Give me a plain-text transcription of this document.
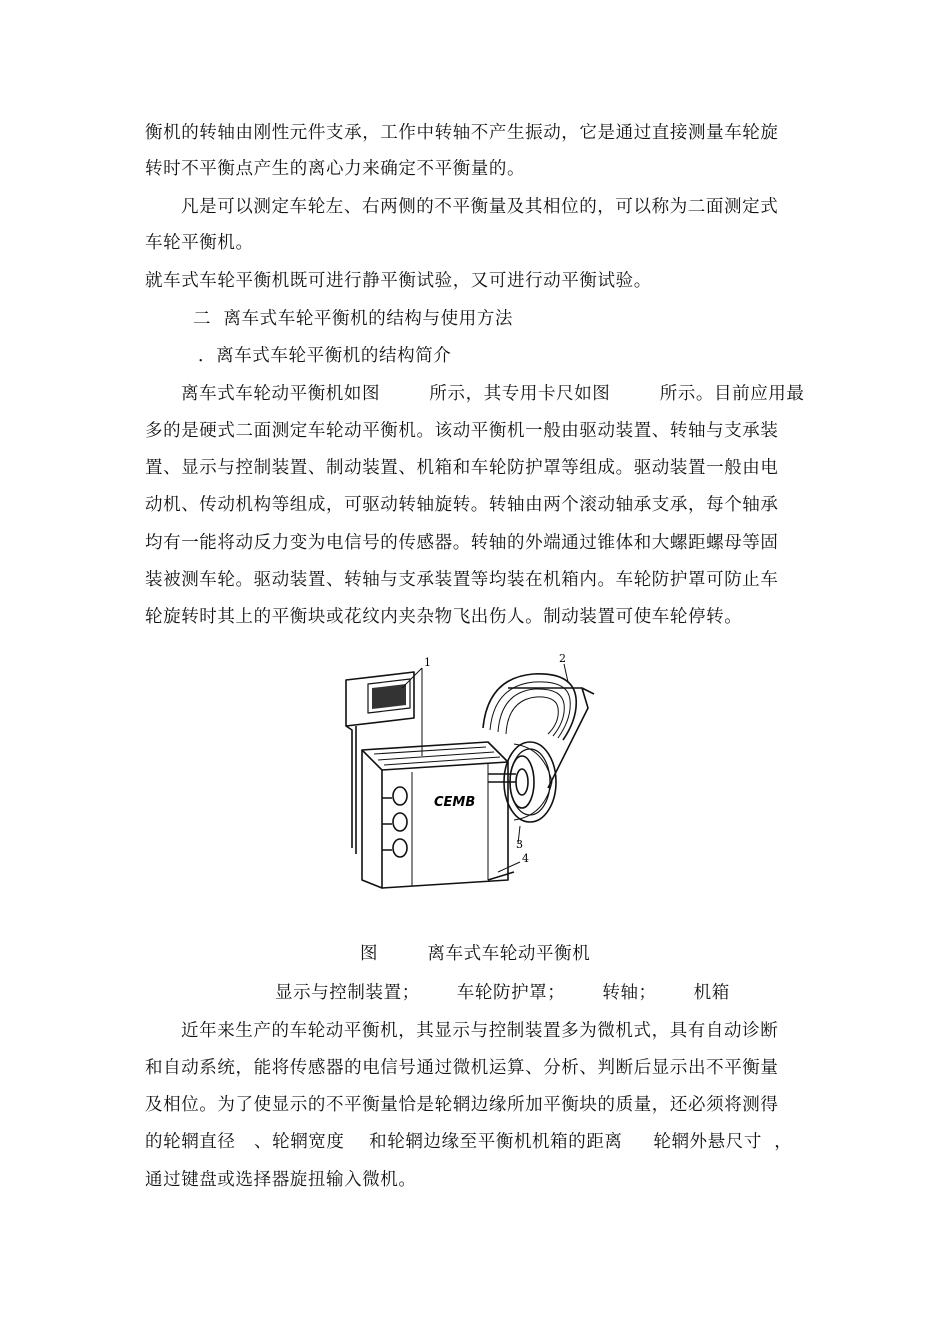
衡机的转轴由刚性元件支承，工作中转轴不产生振动，它是通过直接测量车轮旋
转时不平衡点产生的离心力来确定不平衡量的。
凡是可以测定车轮左、右两侧的不平衡量及其相位的，可以称为二面测定式
车轮平衡机。
就车式车轮平衡机既可进行静平衡试验，又可进行动平衡试验。
二  离车式车轮平衡机的结构与使用方法
．离车式车轮平衡机的结构简介
离车式车轮动平衡机如图        所示，其专用卡尺如图        所示。目前应用最
多的是硬式二面测定车轮动平衡机。该动平衡机一般由驱动装置、转轴与支承装
置、显示与控制装置、制动装置、机箱和车轮防护罩等组成。驱动装置一般由电
动机、传动机构等组成，可驱动转轴旋转。转轴由两个滚动轴承支承，每个轴承
均有一能将动反力变为电信号的传感器。转轴的外端通过锥体和大螺距螺母等固
装被测车轮。驱动装置、转轴与支承装置等均装在机箱内。车轮防护罩可防止车
轮旋转时其上的平衡块或花纹内夹杂物飞出伤人。制动装置可使车轮停转。
CEMB
1	2
3
4
图        离车式车轮动平衡机
显示与控制装置；      车轮防护罩；      转轴；      机箱
近年来生产的车轮动平衡机，其显示与控制装置多为微机式，具有自动诊断
和自动系统，能将传感器的电信号通过微机运算、分析、判断后显示出不平衡量
及相位。为了使显示的不平衡量恰是轮辋边缘所加平衡块的质量，还必须将测得
的轮辋直径   、轮辋宽度    和轮辋边缘至平衡机机箱的距离     轮辋外悬尺寸  ，
通过键盘或选择器旋扭输入微机。
